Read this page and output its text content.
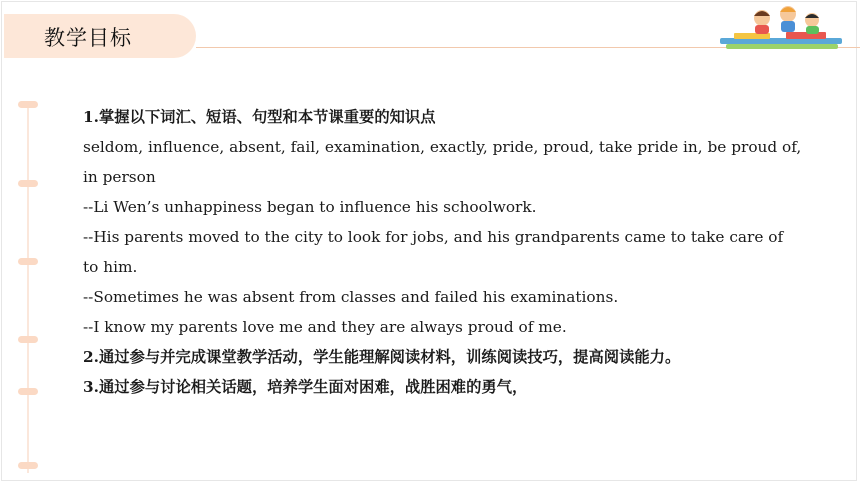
教学目标

1.掌握以下词汇、短语、句型和本节课重要的知识点

seldom, influence, absent, fail, examination, exactly, pride, proud, take pride in, be proud of, in person

--Li Wen’s unhappiness began to influence his schoolwork.

--His parents moved to the city to look for jobs, and his grandparents came to take care of to him.

--Sometimes he was absent from classes and failed his examinations.

--I know my parents love me and they are always proud of me.

2.通过参与并完成课堂教学活动，学生能理解阅读材料，训练阅读技巧，提高阅读能力。

3.通过参与讨论相关话题，培养学生面对困难，战胜困难的勇气，
